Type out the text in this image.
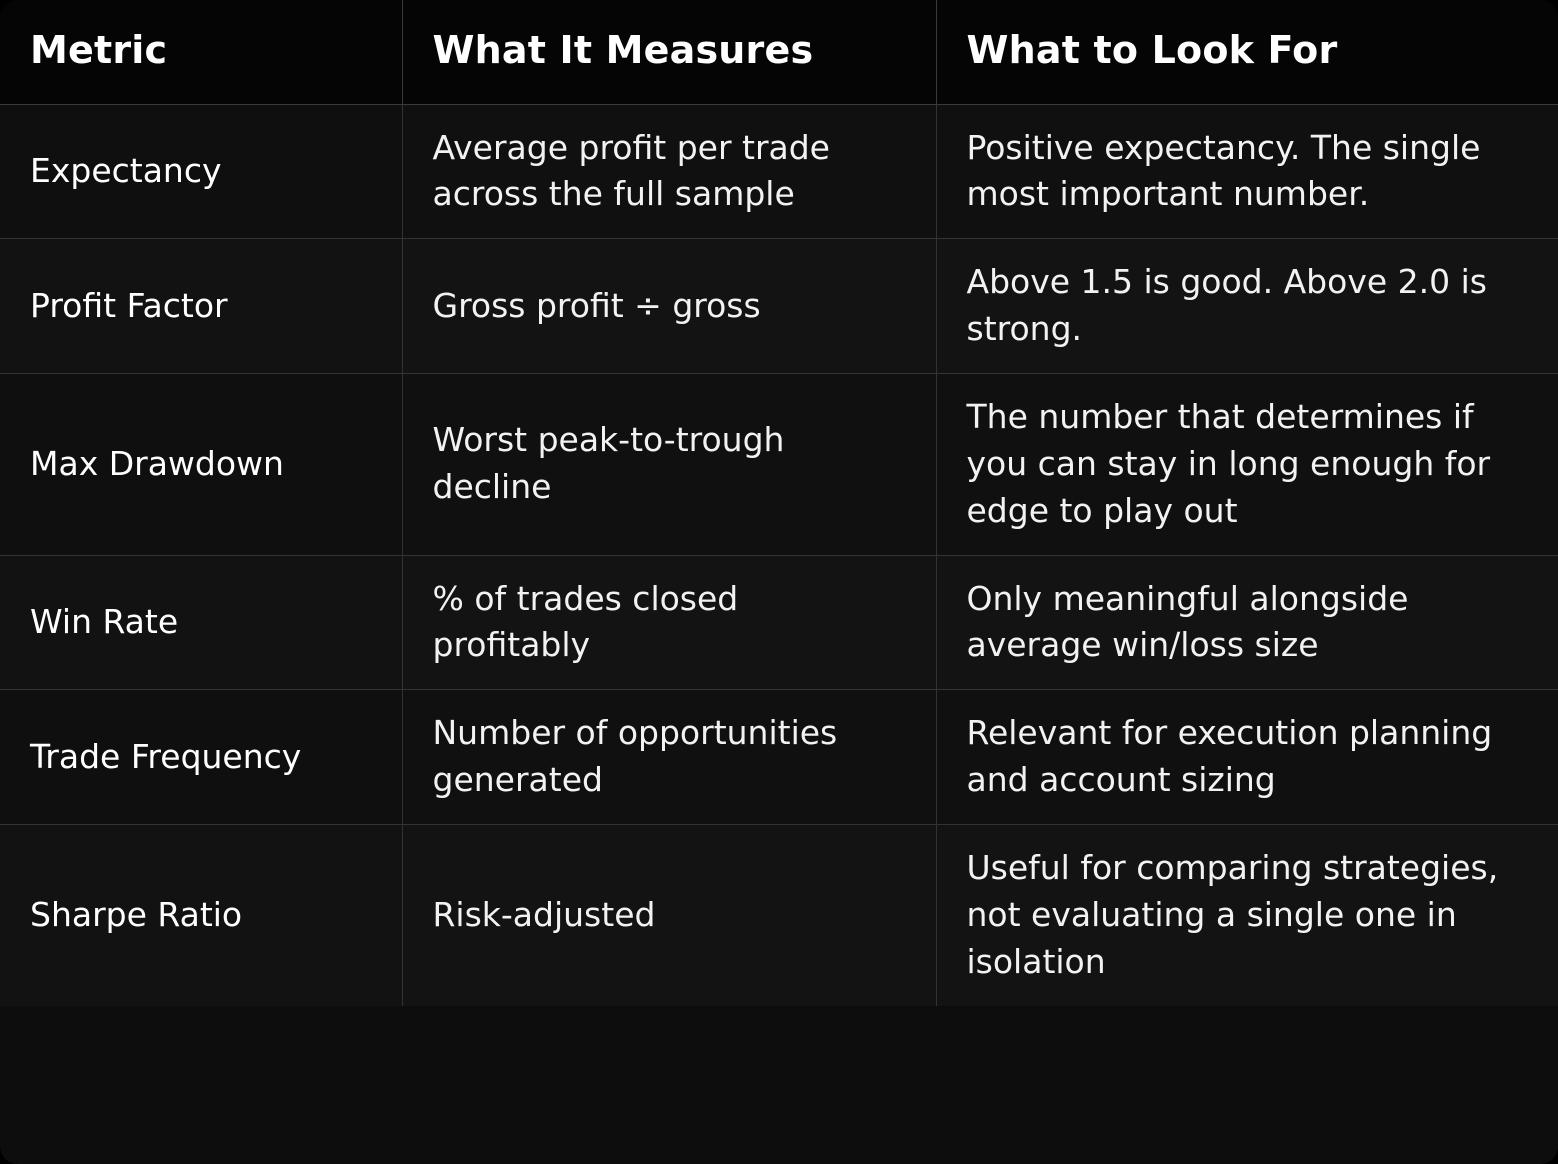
Metric	What It Measures	What to Look For
Expectancy	Average profit per trade across the full sample	Positive expectancy. The single most important number.
Profit Factor	Gross profit ÷ gross	Above 1.5 is good. Above 2.0 is strong.
Max Drawdown	Worst peak-to-trough decline	The number that determines if you can stay in long enough for edge to play out
Win Rate	% of trades closed profitably	Only meaningful alongside average win/loss size
Trade Frequency	Number of opportunities generated	Relevant for execution planning and account sizing
Sharpe Ratio	Risk-adjusted	Useful for comparing strategies, not evaluating a single one in isolation
